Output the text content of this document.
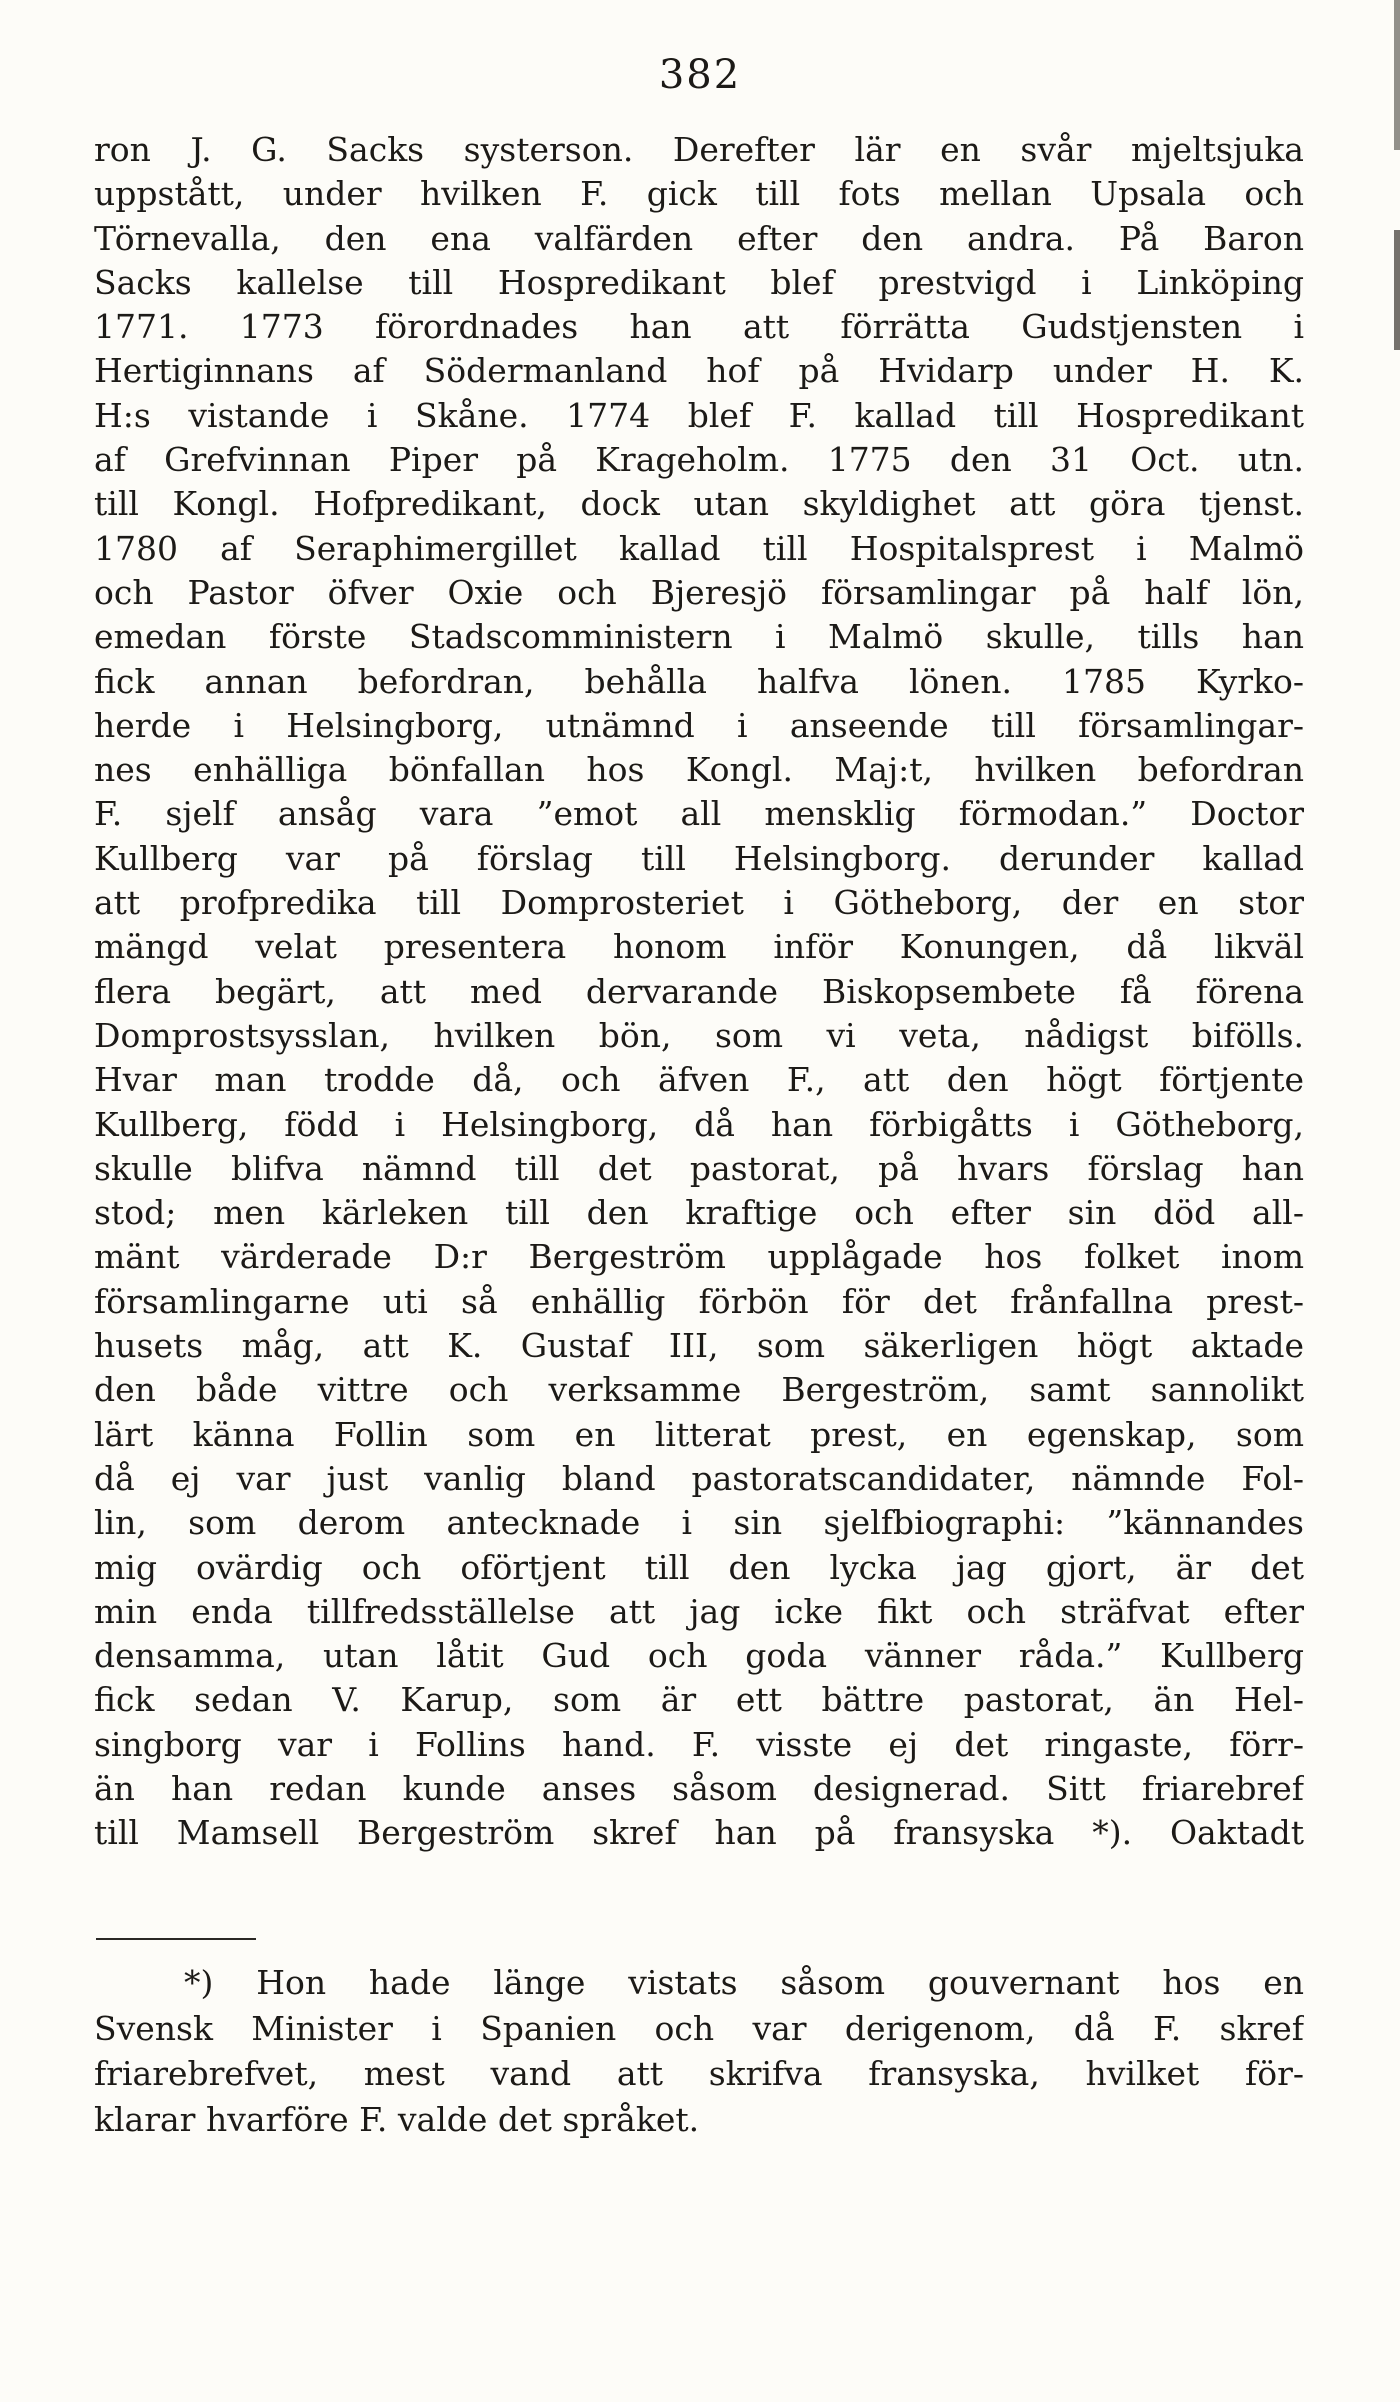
382
ron J. G. Sacks systerson. Derefter lär en svår mjeltsjuka
uppstått, under hvilken F. gick till fots mellan Upsala och
Törnevalla, den ena valfärden efter den andra. På Baron
Sacks kallelse till Hospredikant blef prestvigd i Linköping
1771. 1773 förordnades han att förrätta Gudstjensten i
Hertiginnans af Södermanland hof på Hvidarp under H. K.
H:s vistande i Skåne. 1774 blef F. kallad till Hospredikant
af Grefvinnan Piper på Krageholm. 1775 den 31 Oct. utn.
till Kongl. Hofpredikant, dock utan skyldighet att göra tjenst.
1780 af Seraphimergillet kallad till Hospitalsprest i Malmö
och Pastor öfver Oxie och Bjeresjö församlingar på half lön,
emedan förste Stadscomministern i Malmö skulle, tills han
fick annan befordran, behålla halfva lönen. 1785 Kyrko-
herde i Helsingborg, utnämnd i anseende till församlingar-
nes enhälliga bönfallan hos Kongl. Maj:t, hvilken befordran
F. sjelf ansåg vara ”emot all mensklig förmodan.” Doctor
Kullberg var på förslag till Helsingborg. derunder kallad
att profpredika till Domprosteriet i Götheborg, der en stor
mängd velat presentera honom inför Konungen, då likväl
flera begärt, att med dervarande Biskopsembete få förena
Domprostsysslan, hvilken bön, som vi veta, nådigst bifölls.
Hvar man trodde då, och äfven F., att den högt förtjente
Kullberg, född i Helsingborg, då han förbigåtts i Götheborg,
skulle blifva nämnd till det pastorat, på hvars förslag han
stod; men kärleken till den kraftige och efter sin död all-
mänt värderade D:r Bergeström upplågade hos folket inom
församlingarne uti så enhällig förbön för det frånfallna prest-
husets måg, att K. Gustaf III, som säkerligen högt aktade
den både vittre och verksamme Bergeström, samt sannolikt
lärt känna Follin som en litterat prest, en egenskap, som
då ej var just vanlig bland pastoratscandidater, nämnde Fol-
lin, som derom antecknade i sin sjelfbiographi: ”kännandes
mig ovärdig och oförtjent till den lycka jag gjort, är det
min enda tillfredsställelse att jag icke fikt och sträfvat efter
densamma, utan låtit Gud och goda vänner råda.” Kullberg
fick sedan V. Karup, som är ett bättre pastorat, än Hel-
singborg var i Follins hand. F. visste ej det ringaste, förr-
än han redan kunde anses såsom designerad. Sitt friarebref
till Mamsell Bergeström skref han på fransyska *). Oaktadt
*) Hon hade länge vistats såsom gouvernant hos en
Svensk Minister i Spanien och var derigenom, då F. skref
friarebrefvet, mest vand att skrifva fransyska, hvilket för-
klarar hvarföre F. valde det språket.
